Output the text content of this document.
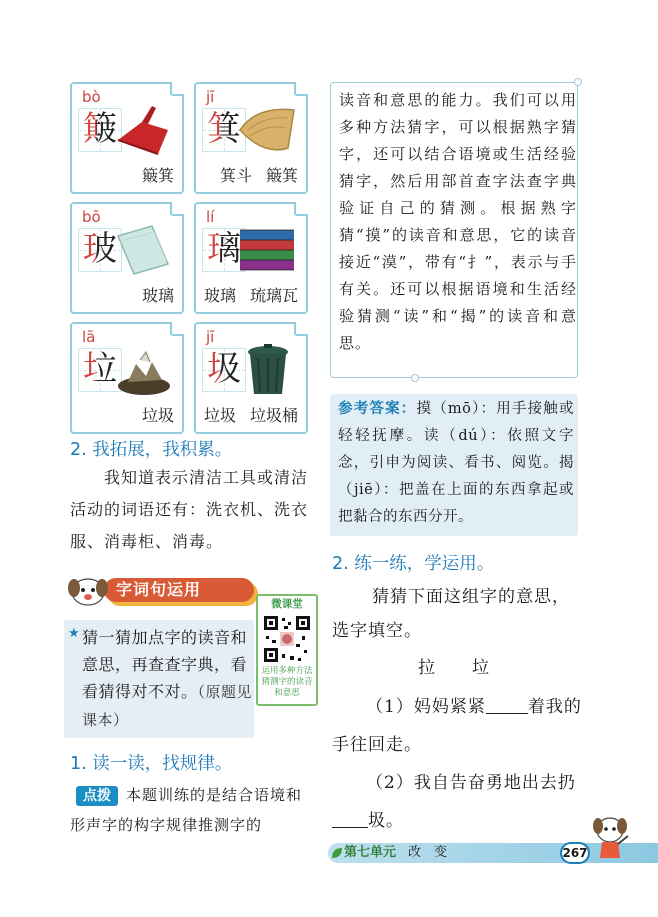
bò
簸
簸箕
jī
箕
箕斗 簸箕
bō
玻
玻璃
lí
璃
玻璃 琉璃瓦
lā
垃
垃圾
jī
圾
垃圾 垃圾桶
2. 我拓展，我积累。
我知道表示清洁工具或清洁活动的词语还有：洗衣机、洗衣服、消毒柜、消毒。
字词句运用
★ 猜一猜加点字的读音和意思，再查查字典，看看猜得对不对。（原题见课本）

微课堂
运用多种方法猜测字的读音和意思
1. 读一读，找规律。
点拨	本题训练的是结合语境和形声字的构字规律推测字的

读音和意思的能力。我们可以用多种方法猜字，可以根据熟字猜字，还可以结合语境或生活经验猜字，然后用部首查字法查字典验证自己的猜测。根据熟字猜“摸”的读音和意思，它的读音接近“漠”，带有“扌”，表示与手有关。还可以根据语境和生活经验猜测“读”和“揭”的读音和意思。

参考答案：摸（mō）：用手接触或轻轻抚摩。读（dú）：依照文字念，引申为阅读、看书、阅览。揭（jiē）：把盖在上面的东西拿起或把黏合的东西分开。

2. 练一练，学运用。
猜猜下面这组字的意思，选字填空。
拉　　垃
（1）妈妈紧紧 着我的手往回走。
（2）我自告奋勇地出去扔圾。
第七单元 改　变	267
